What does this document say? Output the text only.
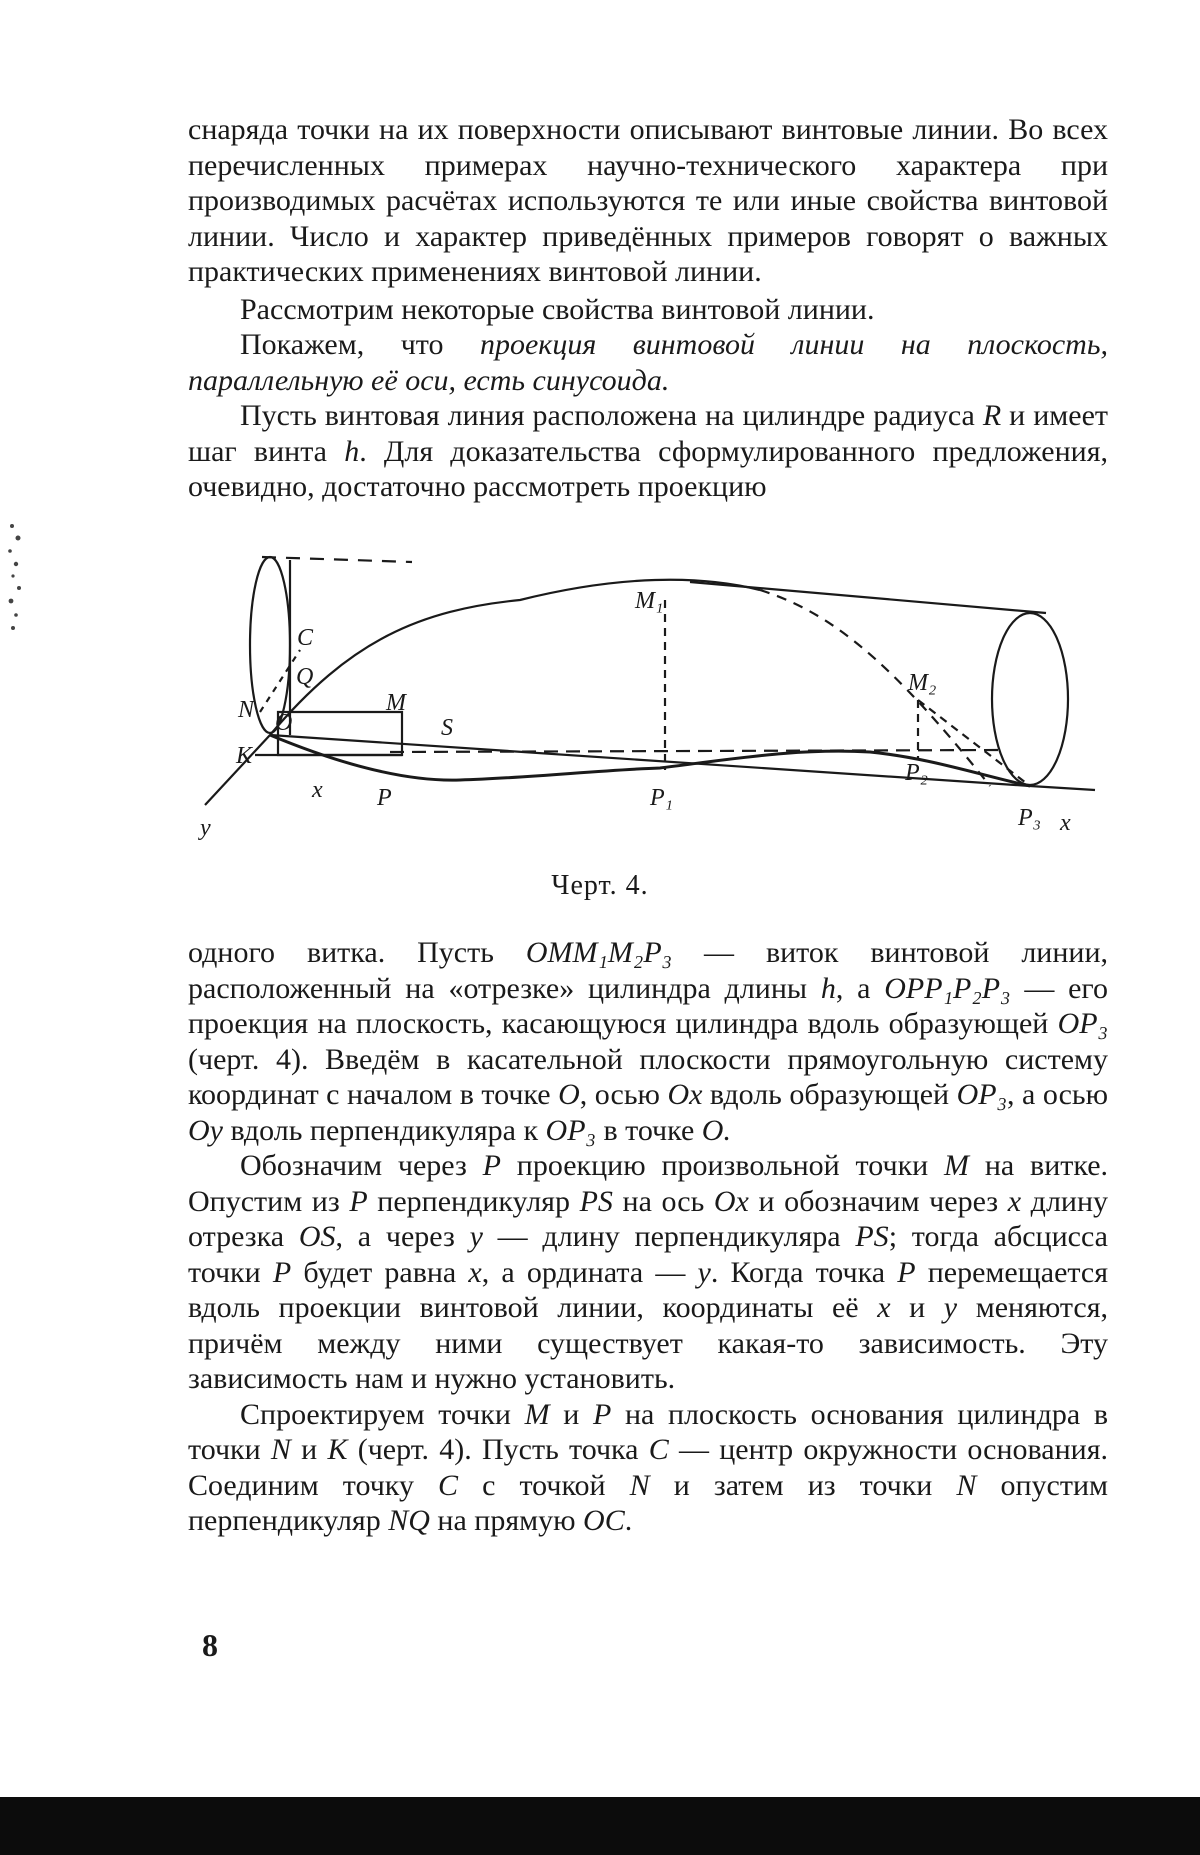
снаряда точки на их поверхности описывают винтовые линии. Во всех перечисленных примерах научно-технического характера при производимых расчётах используются те или иные свойства винтовой линии. Число и характер приведённых примеров говорят о важных практических применениях винтовой линии.

Рассмотрим некоторые свойства винтовой линии.

Покажем, что проекция винтовой линии на плоскость, параллельную её оси, есть синусоида.

Пусть винтовая линия расположена на цилиндре радиуса R и имеет шаг винта h. Для доказательства сформулированного предложения, очевидно, достаточно рассмотреть проекцию

C
Q
N O
K
M
S
x P
y
P₁
M₁
M₂
P₂
P₃ x
Черт. 4.

одного витка. Пусть OMM₁M₂P₃ — виток винтовой линии, расположенный на «отрезке» цилиндра длины h, а OPP₁P₂P₃ — его проекция на плоскость, касающуюся цилиндра вдоль образующей OP₃ (черт. 4). Введём в касательной плоскости прямоугольную систему координат с началом в точке O, осью Ox вдоль образующей OP₃, а осью Oy вдоль перпендикуляра к OP₃ в точке O.

Обозначим через P проекцию произвольной точки M на витке. Опустим из P перпендикуляр PS на ось Ox и обозначим через x длину отрезка OS, а через y — длину перпендикуляра PS; тогда абсцисса точки P будет равна x, а ордината — y. Когда точка P перемещается вдоль проекции винтовой линии, координаты её x и y меняются, причём между ними существует какая-то зависимость. Эту зависимость нам и нужно установить.

Спроектируем точки M и P на плоскость основания цилиндра в точки N и K (черт. 4). Пусть точка C — центр окружности основания. Соединим точку C с точкой N и затем из точки N опустим перпендикуляр NQ на прямую OC.

8
